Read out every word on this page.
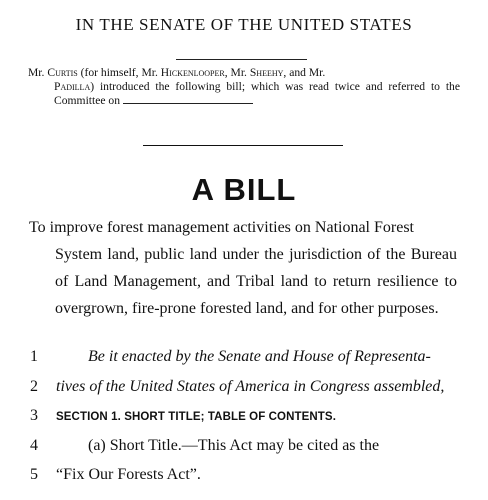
IN THE SENATE OF THE UNITED STATES
Mr. Curtis (for himself, Mr. Hickenlooper, Mr. Sheehy, and Mr.
Padilla) introduced the following bill; which was read twice and referred to the Committee on
A BILL
To improve forest management activities on National Forest
System land, public land under the jurisdiction of the Bureau of Land Management, and Tribal land to return resilience to overgrown, fire-prone forested land, and for other purposes.
1	Be it enacted by the Senate and House of Representa-
2	tives of the United States of America in Congress assembled,
3	SECTION 1. SHORT TITLE; TABLE OF CONTENTS.
4	(a) Short Title.—This Act may be cited as the
5	“Fix Our Forests Act”.
